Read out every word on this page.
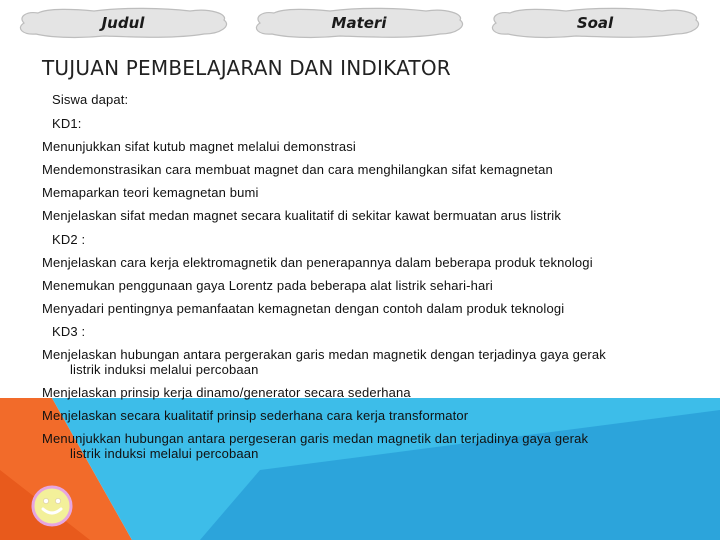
Judul	Materi	Soal
TUJUAN PEMBELAJARAN DAN INDIKATOR
Siswa dapat:
KD1:
Menunjukkan sifat kutub magnet melalui demonstrasi
Mendemonstrasikan cara membuat magnet dan cara menghilangkan sifat kemagnetan
Memaparkan teori kemagnetan bumi
Menjelaskan sifat medan magnet secara kualitatif di sekitar kawat bermuatan arus listrik
KD2 :
Menjelaskan cara kerja elektromagnetik dan penerapannya dalam beberapa produk teknologi
Menemukan penggunaan gaya Lorentz pada beberapa alat listrik sehari-hari
Menyadari pentingnya pemanfaatan kemagnetan dengan contoh dalam produk teknologi
KD3 :
Menjelaskan hubungan antara pergerakan garis medan magnetik dengan terjadinya gaya gerak
listrik induksi melalui percobaan
Menjelaskan prinsip kerja dinamo/generator secara sederhana
Menjelaskan secara kualitatif prinsip sederhana cara kerja transformator
Menunjukkan hubungan antara pergeseran garis medan magnetik dan terjadinya gaya gerak
listrik induksi melalui percobaan
